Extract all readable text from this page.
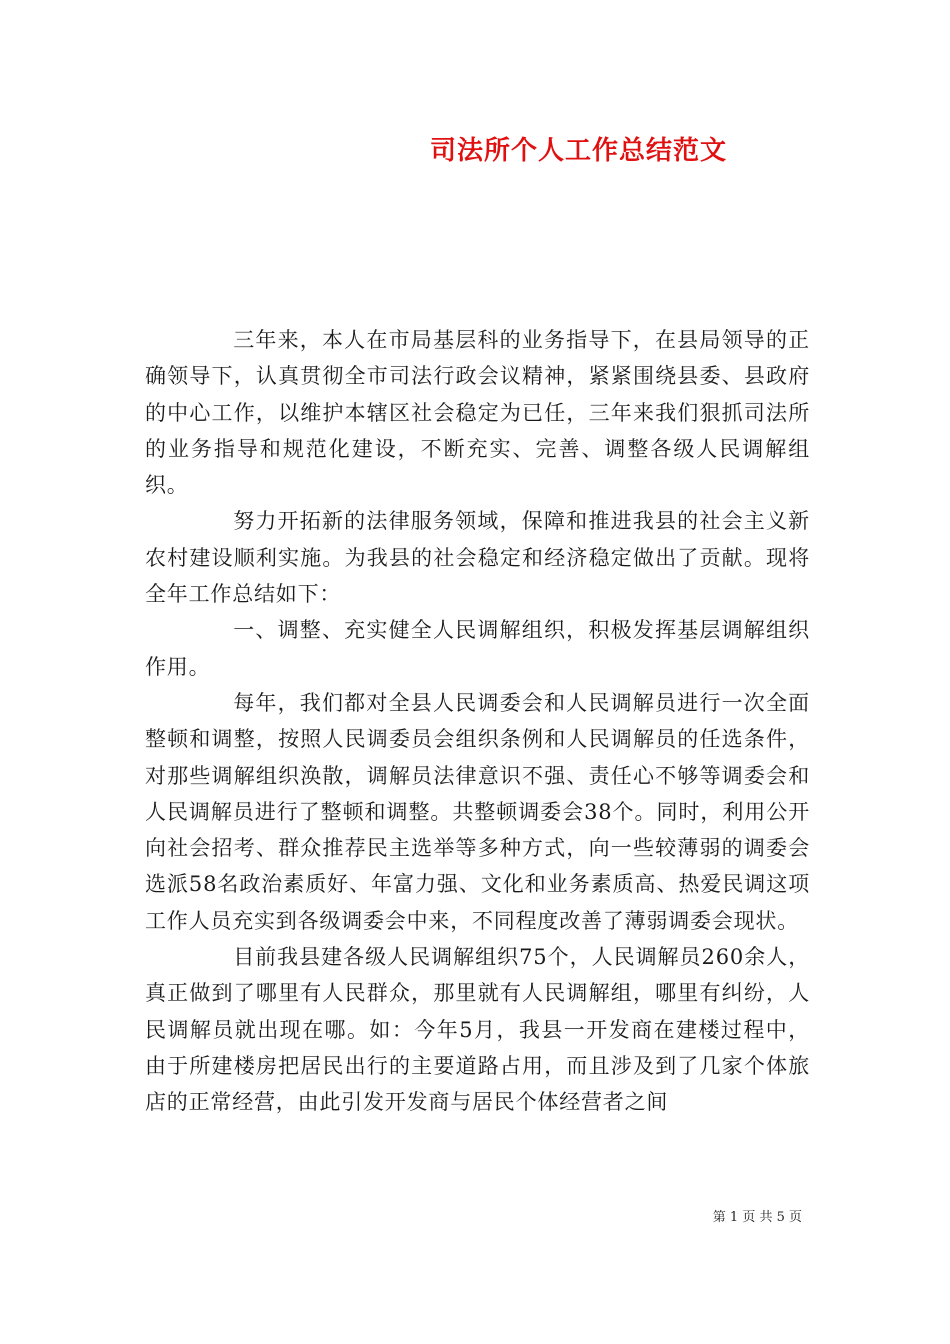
司法所个人工作总结范文

三年来，本人在市局基层科的业务指导下，在县局领导的正确领导下，认真贯彻全市司法行政会议精神，紧紧围绕县委、县政府的中心工作，以维护本辖区社会稳定为已任，三年来我们狠抓司法所的业务指导和规范化建设，不断充实、完善、调整各级人民调解组织。

努力开拓新的法律服务领域，保障和推进我县的社会主义新农村建设顺利实施。为我县的社会稳定和经济稳定做出了贡献。现将全年工作总结如下：

一、调整、充实健全人民调解组织，积极发挥基层调解组织作用。

每年，我们都对全县人民调委会和人民调解员进行一次全面整顿和调整，按照人民调委员会组织条例和人民调解员的任选条件，对那些调解组织涣散，调解员法律意识不强、责任心不够等调委会和人民调解员进行了整顿和调整。共整顿调委会38个。同时，利用公开向社会招考、群众推荐民主选举等多种方式，向一些较薄弱的调委会选派58名政治素质好、年富力强、文化和业务素质高、热爱民调这项工作人员充实到各级调委会中来，不同程度改善了薄弱调委会现状。

目前我县建各级人民调解组织75个，人民调解员260余人，真正做到了哪里有人民群众，那里就有人民调解组，哪里有纠纷，人民调解员就出现在哪。如：今年5月，我县一开发商在建楼过程中，由于所建楼房把居民出行的主要道路占用，而且涉及到了几家个体旅店的正常经营，由此引发开发商与居民个体经营者之间

第 1 页 共 5 页
